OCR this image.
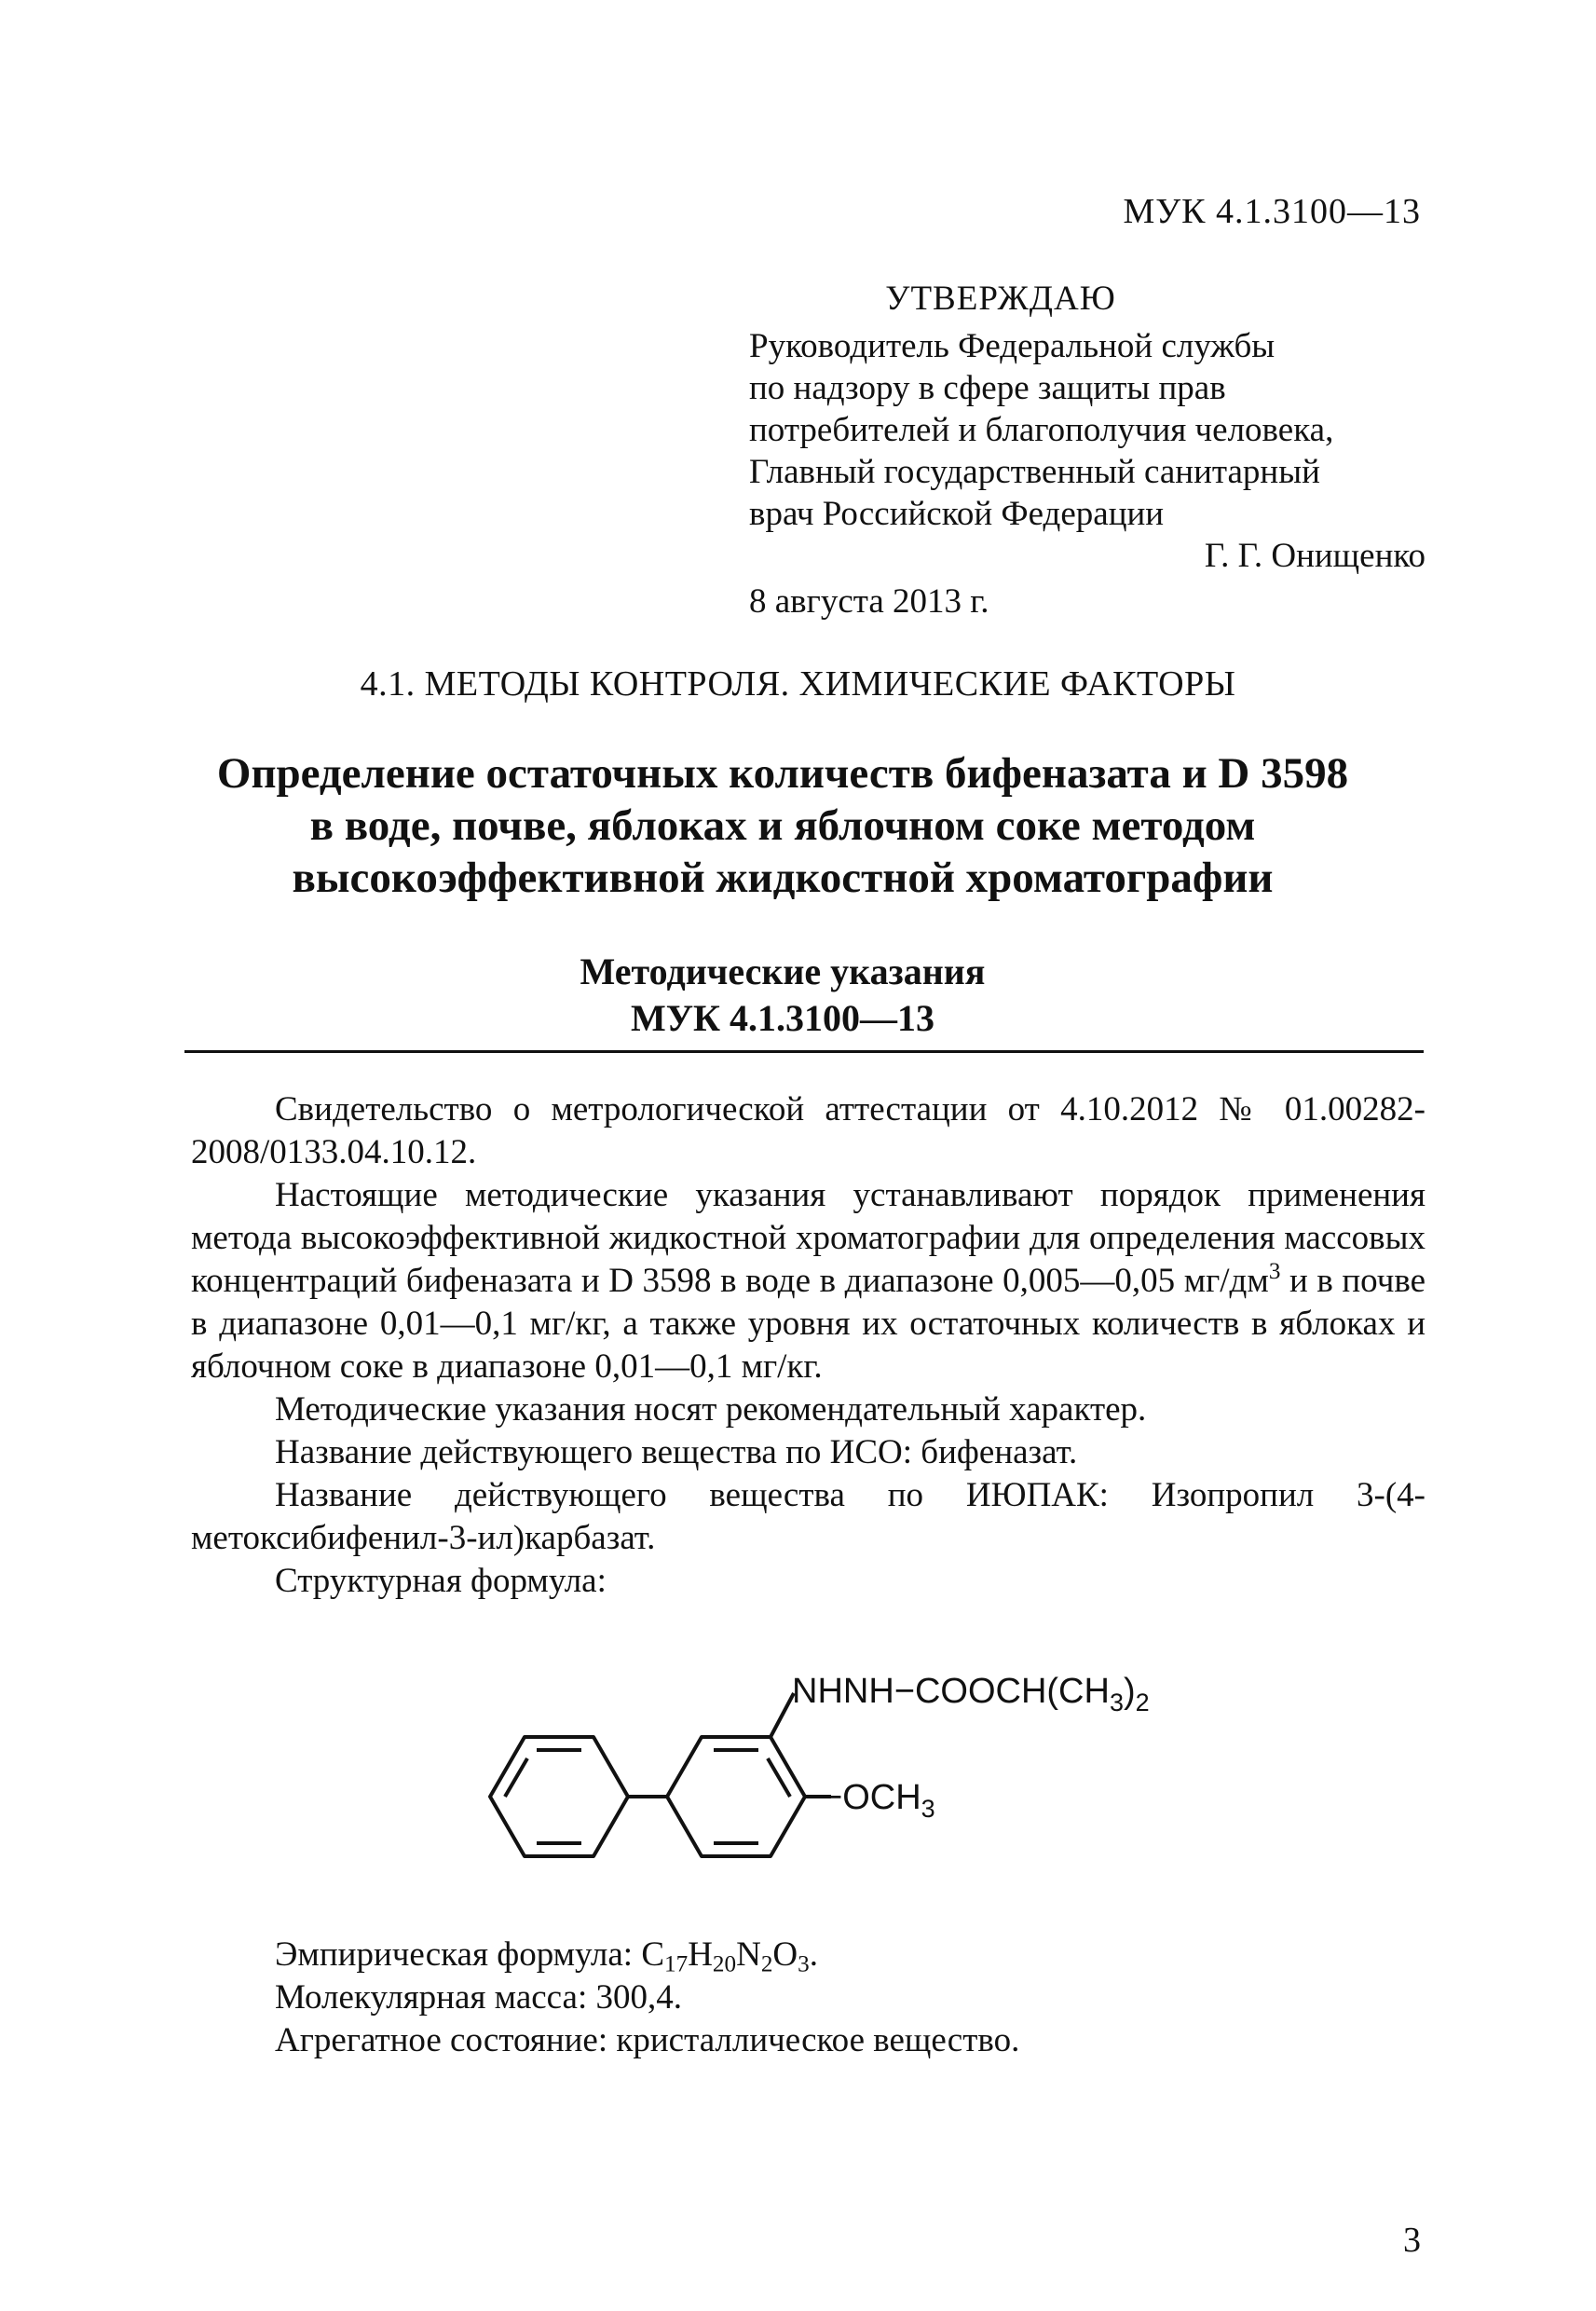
МУК 4.1.3100—13
УТВЕРЖДАЮ
Руководитель Федеральной службы
по надзору в сфере защиты прав
потребителей и благополучия человека,
Главный государственный санитарный
врач Российской Федерации
Г. Г. Онищенко
8 августа 2013 г.
4.1. МЕТОДЫ КОНТРОЛЯ. ХИМИЧЕСКИЕ ФАКТОРЫ
Определение остаточных количеств бифеназата и D 3598
в воде, почве, яблоках и яблочном соке методом
высокоэффективной жидкостной хроматографии
Методические указания
МУК 4.1.3100—13

Свидетельство о метрологической аттестации от 4.10.2012 № 01.00282-2008/0133.04.10.12.

Настоящие методические указания устанавливают порядок применения метода высокоэффективной жидкостной хроматографии для определения массовых концентраций бифеназата и D 3598 в воде в диапазоне 0,005—0,05 $мг/дм^3$ и в почве в диапазоне 0,01—0,1 мг/кг, а также уровня их остаточных количеств в яблоках и яблочном соке в диапазоне 0,01—0,1 мг/кг.

Методические указания носят рекомендательный характер.

Название действующего вещества по ИСО: бифеназат.

Название действующего вещества по ИЮПАК: Изопропил 3-(4-метоксибифенил-3-ил)карбазат.

Структурная формула:

$NHNH-COOCH(CH_3)_2$
$-OCH_3$

Эмпирическая формула: $C_{17}H_{20}N_2O_3$.

Молекулярная масса: 300,4.

Агрегатное состояние: кристаллическое вещество.

3
